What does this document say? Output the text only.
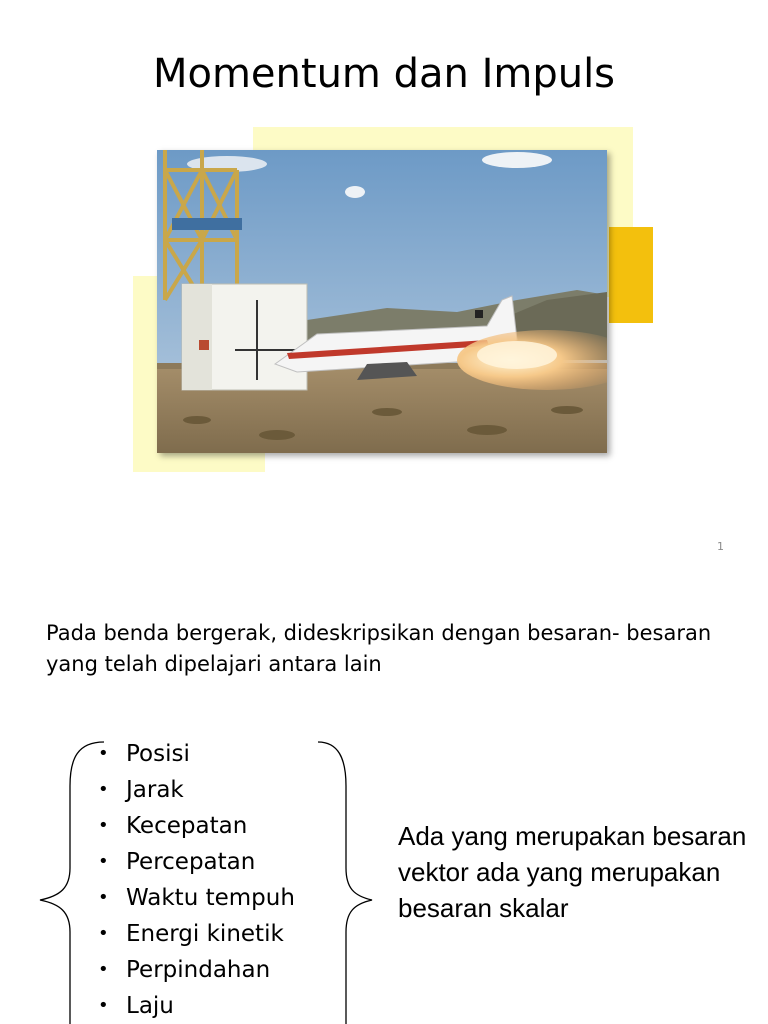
Momentum dan Impuls
1
Pada benda bergerak, dideskripsikan dengan besaran- besaran yang telah dipelajari antara lain
• Posisi
• Jarak
• Kecepatan
• Percepatan
• Waktu tempuh
• Energi kinetik
• Perpindahan
• Laju
Ada yang merupakan besaran vektor ada yang merupakan besaran skalar
